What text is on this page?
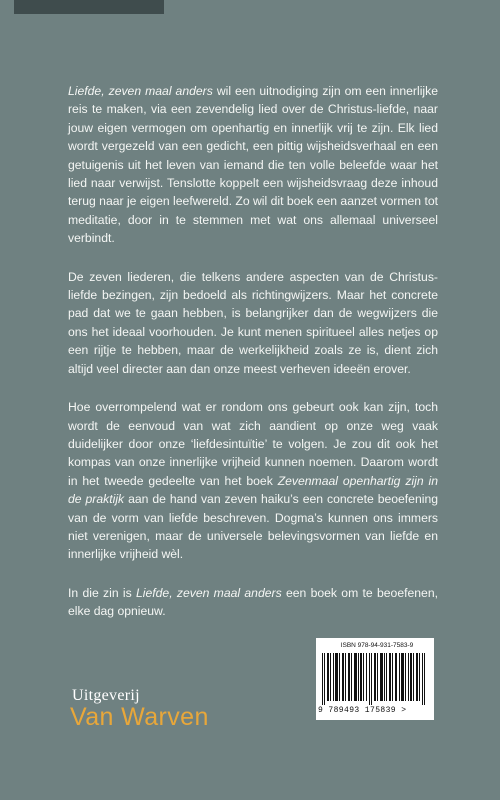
Liefde, zeven maal anders wil een uitnodiging zijn om een innerlijke reis te maken, via een zevendelig lied over de Christus-liefde, naar jouw eigen vermogen om openhartig en innerlijk vrij te zijn. Elk lied wordt vergezeld van een gedicht, een pittig wijsheidsverhaal en een getuigenis uit het leven van iemand die ten volle beleefde waar het lied naar verwijst. Tenslotte koppelt een wijsheidsvraag deze inhoud terug naar je eigen leefwereld. Zo wil dit boek een aanzet vormen tot meditatie, door in te stemmen met wat ons allemaal universeel verbindt.

De zeven liederen, die telkens andere aspecten van de Christus-liefde bezingen, zijn bedoeld als richtingwijzers. Maar het concrete pad dat we te gaan hebben, is belangrijker dan de wegwijzers die ons het ideaal voorhouden. Je kunt menen spiritueel alles netjes op een rijtje te hebben, maar de werkelijkheid zoals ze is, dient zich altijd veel directer aan dan onze meest verheven ideeën erover.

Hoe overrompelend wat er rondom ons gebeurt ook kan zijn, toch wordt de eenvoud van wat zich aandient op onze weg vaak duidelijker door onze ‘liefdesintuïtie’ te volgen. Je zou dit ook het kompas van onze innerlijke vrijheid kunnen noemen. Daarom wordt in het tweede gedeelte van het boek Zevenmaal openhartig zijn in de praktijk aan de hand van zeven haiku’s een concrete beoefening van de vorm van liefde beschreven. Dogma’s kunnen ons immers niet verenigen, maar de universele belevingsvormen van liefde en innerlijke vrijheid wèl.

In die zin is Liefde, zeven maal anders een boek om te beoefenen, elke dag opnieuw.

ISBN 978-94-931-7583-9
9 789493 175839 >
Uitgeverij
Van Warven
